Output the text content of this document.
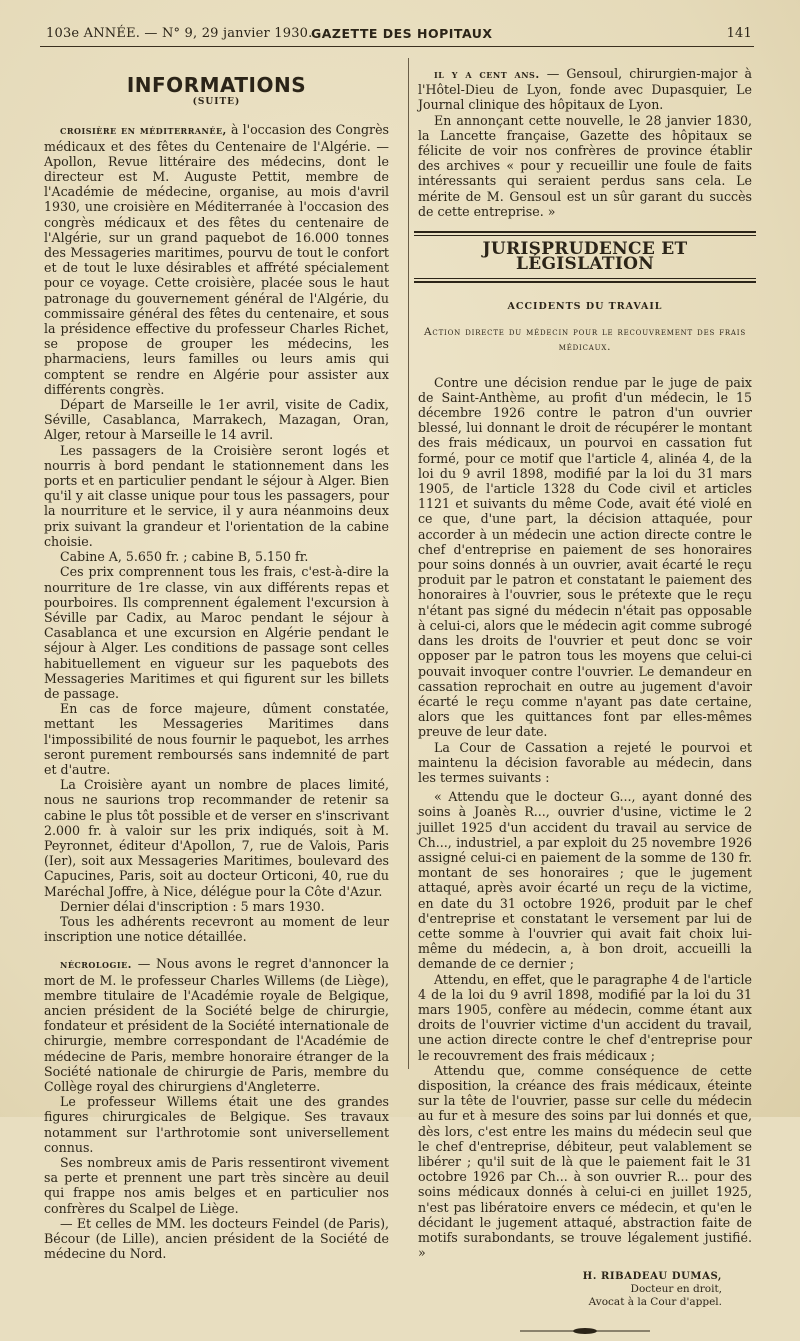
103e ANNÉE. — N° 9, 29 janvier 1930.
GAZETTE DES HOPITAUX	141
INFORMATIONS
(SUITE)

croisière en méditerranée, à l'occasion des Congrès médicaux et des fêtes du Centenaire de l'Algérie. — Apollon, Revue littéraire des médecins, dont le directeur est M. Auguste Pettit, membre de l'Académie de médecine, organise, au mois d'avril 1930, une croisière en Méditerranée à l'occasion des congrès médicaux et des fêtes du centenaire de l'Algérie, sur un grand paquebot de 16.000 tonnes des Messageries maritimes, pourvu de tout le confort et de tout le luxe désirables et affrété spécialement pour ce voyage. Cette croisière, placée sous le haut patronage du gouvernement général de l'Algérie, du commissaire général des fêtes du centenaire, et sous la présidence effective du professeur Charles Richet, se propose de grouper les médecins, les pharmaciens, leurs familles ou leurs amis qui comptent se rendre en Algérie pour assister aux différents congrès.

Départ de Marseille le 1er avril, visite de Cadix, Séville, Casablanca, Marrakech, Mazagan, Oran, Alger, retour à Marseille le 14 avril.

Les passagers de la Croisière seront logés et nourris à bord pendant le stationnement dans les ports et en particulier pendant le séjour à Alger. Bien qu'il y ait classe unique pour tous les passagers, pour la nourriture et le service, il y aura néanmoins deux prix suivant la grandeur et l'orientation de la cabine choisie.

Cabine A, 5.650 fr. ; cabine B, 5.150 fr.

Ces prix comprennent tous les frais, c'est-à-dire la nourriture de 1re classe, vin aux différents repas et pourboires. Ils comprennent également l'excursion à Séville par Cadix, au Maroc pendant le séjour à Casablanca et une excursion en Algérie pendant le séjour à Alger. Les conditions de passage sont celles habituellement en vigueur sur les paquebots des Messageries Maritimes et qui figurent sur les billets de passage.

En cas de force majeure, dûment constatée, mettant les Messageries Maritimes dans l'impossibilité de nous fournir le paquebot, les arrhes seront purement remboursés sans indemnité de part et d'autre.

La Croisière ayant un nombre de places limité, nous ne saurions trop recommander de retenir sa cabine le plus tôt possible et de verser en s'inscrivant 2.000 fr. à valoir sur les prix indiqués, soit à M. Peyronnet, éditeur d'Apollon, 7, rue de Valois, Paris (Ier), soit aux Messageries Maritimes, boulevard des Capucines, Paris, soit au docteur Orticoni, 40, rue du Maréchal Joffre, à Nice, délégue pour la Côte d'Azur.

Dernier délai d'inscription : 5 mars 1930.

Tous les adhérents recevront au moment de leur inscription une notice détaillée.

nécrologie. — Nous avons le regret d'annoncer la mort de M. le professeur Charles Willems (de Liège), membre titulaire de l'Académie royale de Belgique, ancien président de la Société belge de chirurgie, fondateur et président de la Société internationale de chirurgie, membre correspondant de l'Académie de médecine de Paris, membre honoraire étranger de la Société nationale de chirurgie de Paris, membre du Collège royal des chirurgiens d'Angleterre.

Le professeur Willems était une des grandes figures chirurgicales de Belgique. Ses travaux notamment sur l'arthrotomie sont universellement connus.

Ses nombreux amis de Paris ressentiront vivement sa perte et prennent une part très sincère au deuil qui frappe nos amis belges et en particulier nos confrères du Scalpel de Liège.

— Et celles de MM. les docteurs Feindel (de Paris), Bécour (de Lille), ancien président de la Société de médecine du Nord.

il y a cent ans. — Gensoul, chirurgien-major à l'Hôtel-Dieu de Lyon, fonde avec Dupasquier, Le Journal clinique des hôpitaux de Lyon.

En annonçant cette nouvelle, le 28 janvier 1830, la Lancette française, Gazette des hôpitaux se félicite de voir nos confrères de province établir des archives « pour y recueillir une foule de faits intéressants qui seraient perdus sans cela. Le mérite de M. Gensoul est un sûr garant du succès de cette entreprise. »

JURISPRUDENCE ET LÉGISLATION
ACCIDENTS DU TRAVAIL
Action directe du médecin pour le recouvrement des frais médicaux.

Contre une décision rendue par le juge de paix de Saint-Anthème, au profit d'un médecin, le 15 décembre 1926 contre le patron d'un ouvrier blessé, lui donnant le droit de récupérer le montant des frais médicaux, un pourvoi en cassation fut formé, pour ce motif que l'article 4, alinéa 4, de la loi du 9 avril 1898, modifié par la loi du 31 mars 1905, de l'article 1328 du Code civil et articles 1121 et suivants du même Code, avait été violé en ce que, d'une part, la décision attaquée, pour accorder à un médecin une action directe contre le chef d'entreprise en paiement de ses honoraires pour soins donnés à un ouvrier, avait écarté le reçu produit par le patron et constatant le paiement des honoraires à l'ouvrier, sous le prétexte que le reçu n'étant pas signé du médecin n'était pas opposable à celui-ci, alors que le médecin agit comme subrogé dans les droits de l'ouvrier et peut donc se voir opposer par le patron tous les moyens que celui-ci pouvait invoquer contre l'ouvrier. Le demandeur en cassation reprochait en outre au jugement d'avoir écarté le reçu comme n'ayant pas date certaine, alors que les quittances font par elles-mêmes preuve de leur date.

La Cour de Cassation a rejeté le pourvoi et maintenu la décision favorable au médecin, dans les termes suivants :

« Attendu que le docteur G..., ayant donné des soins à Joanès R..., ouvrier d'usine, victime le 2 juillet 1925 d'un accident du travail au service de Ch..., industriel, a par exploit du 25 novembre 1926 assigné celui-ci en paiement de la somme de 130 fr. montant de ses honoraires ; que le jugement attaqué, après avoir écarté un reçu de la victime, en date du 31 octobre 1926, produit par le chef d'entreprise et constatant le versement par lui de cette somme à l'ouvrier qui avait fait choix lui-même du médecin, a, à bon droit, accueilli la demande de ce dernier ;

Attendu, en effet, que le paragraphe 4 de l'article 4 de la loi du 9 avril 1898, modifié par la loi du 31 mars 1905, confère au médecin, comme étant aux droits de l'ouvrier victime d'un accident du travail, une action directe contre le chef d'entreprise pour le recouvrement des frais médicaux ;

Attendu que, comme conséquence de cette disposition, la créance des frais médicaux, éteinte sur la tête de l'ouvrier, passe sur celle du médecin au fur et à mesure des soins par lui donnés et que, dès lors, c'est entre les mains du médecin seul que le chef d'entreprise, débiteur, peut valablement se libérer ; qu'il suit de là que le paiement fait le 31 octobre 1926 par Ch... à son ouvrier R... pour des soins médicaux donnés à celui-ci en juillet 1925, n'est pas libératoire envers ce médecin, et qu'en le décidant le jugement attaqué, abstraction faite de motifs surabondants, se trouve légalement justifié. »

H. RIBADEAU DUMAS,
Docteur en droit,
Avocat à la Cour d'appel.
